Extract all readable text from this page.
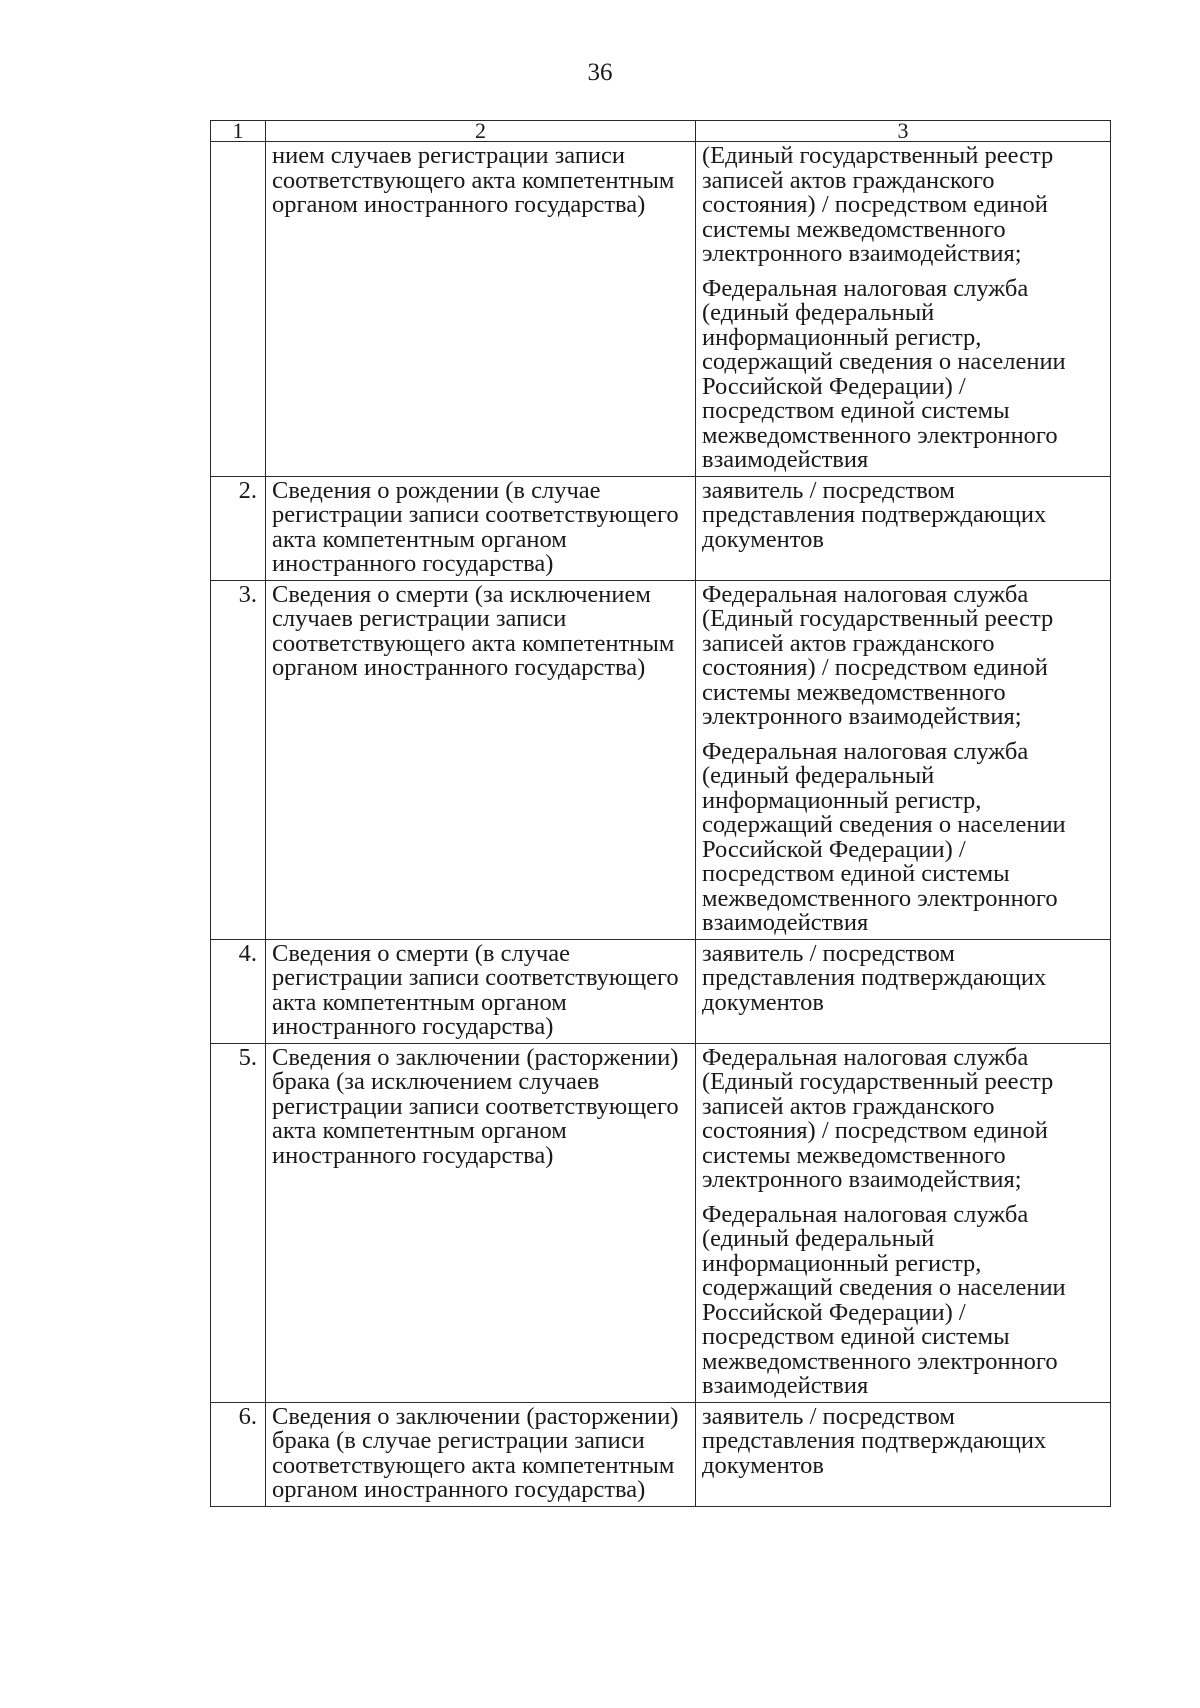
36
1	2	3
	нием случаев регистрации записи соответствующего акта компетентным органом иностранного государства)	(Единый государственный реестр записей актов гражданского состояния) / посредством единой системы межведомственного электронного взаимодействия;

Федеральная налоговая служба (единый федеральный информационный регистр, содержащий сведения о населении Российской Федерации) / посредством единой системы межведомственного электронного взаимодействия

2.	Сведения о рождении (в случае регистрации записи соответствующего акта компетентным органом иностранного государства)	заявитель / посредством представления подтверждающих документов

3.	Сведения о смерти (за исключением случаев регистрации записи соответствующего акта компетентным органом иностранного государства)	Федеральная налоговая служба (Единый государственный реестр записей актов гражданского состояния) / посредством единой системы межведомственного электронного взаимодействия;

Федеральная налоговая служба (единый федеральный информационный регистр, содержащий сведения о населении Российской Федерации) / посредством единой системы межведомственного электронного взаимодействия

4.	Сведения о смерти (в случае регистрации записи соответствующего акта компетентным органом иностранного государства)	заявитель / посредством представления подтверждающих документов

5.	Сведения о заключении (расторжении) брака (за исключением случаев регистрации записи соответствующего акта компетентным органом иностранного государства)	Федеральная налоговая служба (Единый государственный реестр записей актов гражданского состояния) / посредством единой системы межведомственного электронного взаимодействия;

Федеральная налоговая служба (единый федеральный информационный регистр, содержащий сведения о населении Российской Федерации) / посредством единой системы межведомственного электронного взаимодействия

6.	Сведения о заключении (расторжении) брака (в случае регистрации записи соответствующего акта компетентным органом иностранного государства)	заявитель / посредством представления подтверждающих документов
